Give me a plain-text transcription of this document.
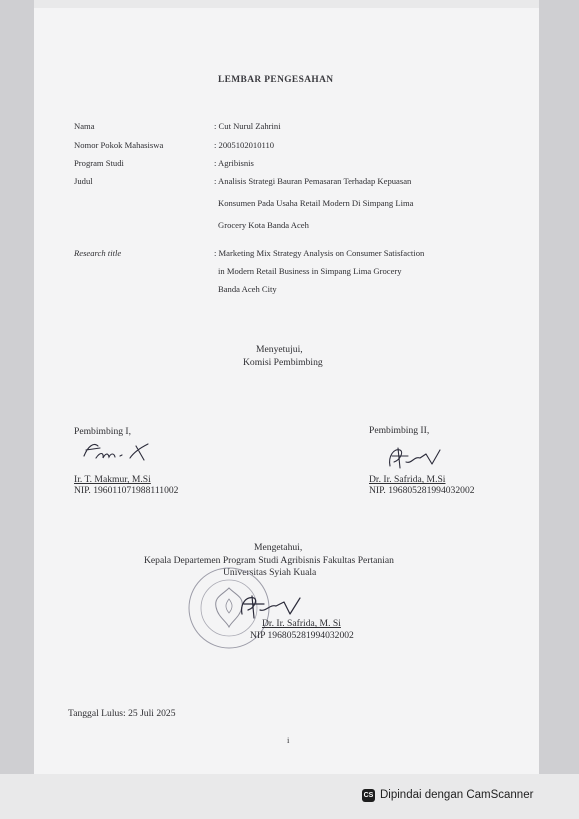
LEMBAR PENGESAHAN
Nama	: Cut Nurul Zahrini
Nomor Pokok Mahasiswa	: 2005102010110
Program Studi	: Agribisnis
Judul	: Analisis Strategi Bauran Pemasaran Terhadap Kepuasan
Konsumen Pada Usaha Retail Modern Di Simpang Lima
Grocery Kota Banda Aceh
Research title	: Marketing Mix Strategy Analysis on Consumer Satisfaction
in Modern Retail Business in Simpang Lima Grocery
Banda Aceh City
Menyetujui,
Komisi Pembimbing
Pembimbing I,
Ir. T. Makmur, M.Si
NIP. 196011071988111002
Pembimbing II,
Dr. Ir. Safrida, M.Si
NIP. 196805281994032002
Mengetahui,
Kepala Departemen Program Studi Agribisnis Fakultas Pertanian
Universitas Syiah Kuala
Dr. Ir. Safrida, M. Si
NIP 196805281994032002
Tanggal Lulus: 25 Juli 2025
i
CS Dipindai dengan CamScanner
